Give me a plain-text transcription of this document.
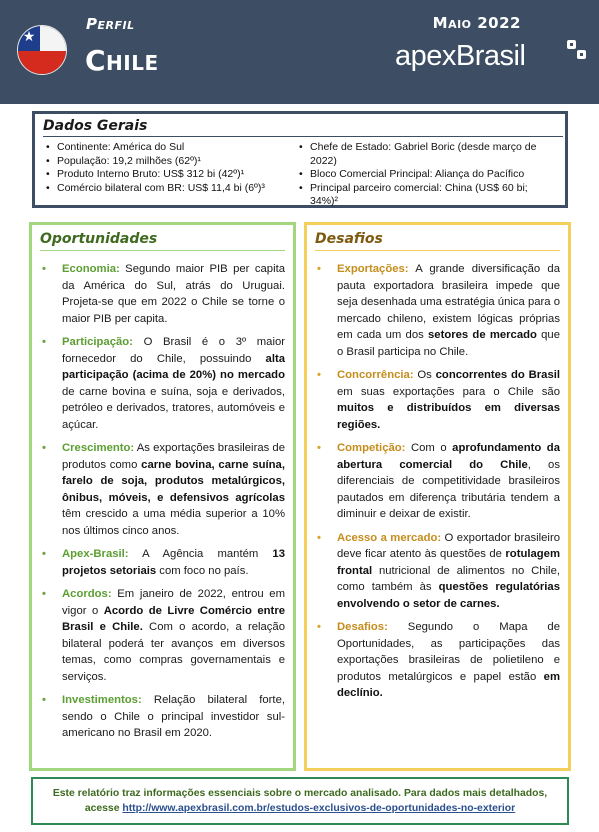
★
Perfil
Chile
Maio 2022
apexBrasil
Dados Gerais
• Continente: América do Sul
• População: 19,2 milhões (62º)¹
• Produto Interno Bruto: US$ 312 bi (42º)¹
• Comércio bilateral com BR: US$ 11,4 bi (6º)³
• Chefe de Estado: Gabriel Boric (desde março de 2022)
• Bloco Comercial Principal: Aliança do Pacífico
• Principal parceiro comercial: China (US$ 60 bi; 34%)²
Oportunidades
• Economia: Segundo maior PIB per capita da América do Sul, atrás do Uruguai. Projeta-se que em 2022 o Chile se torne o maior PIB per capita.
• Participação: O Brasil é o 3º maior fornecedor do Chile, possuindo alta participação (acima de 20%) no mercado de carne bovina e suína, soja e derivados, petróleo e derivados, tratores, automóveis e açúcar.
• Crescimento: As exportações brasileiras de produtos como carne bovina, carne suína, farelo de soja, produtos metalúrgicos, ônibus, móveis, e defensivos agrícolas têm crescido a uma média superior a 10% nos últimos cinco anos.
• Apex-Brasil: A Agência mantém 13 projetos setoriais com foco no país.
• Acordos: Em janeiro de 2022, entrou em vigor o Acordo de Livre Comércio entre Brasil e Chile. Com o acordo, a relação bilateral poderá ter avanços em diversos temas, como compras governamentais e serviços.
• Investimentos: Relação bilateral forte, sendo o Chile o principal investidor sul-americano no Brasil em 2020.
Desafios
• Exportações: A grande diversificação da pauta exportadora brasileira impede que seja desenhada uma estratégia única para o mercado chileno, existem lógicas próprias em cada um dos setores de mercado que o Brasil participa no Chile.
• Concorrência: Os concorrentes do Brasil em suas exportações para o Chile são muitos e distribuídos em diversas regiões.
• Competição: Com o aprofundamento da abertura comercial do Chile, os diferenciais de competitividade brasileiros pautados em diferença tributária tendem a diminuir e deixar de existir.
• Acesso a mercado: O exportador brasileiro deve ficar atento às questões de rotulagem frontal nutricional de alimentos no Chile, como também às questões regulatórias envolvendo o setor de carnes.
• Desafios: Segundo o Mapa de Oportunidades, as participações das exportações brasileiras de polietileno e produtos metalúrgicos e papel estão em declínio.

Este relatório traz informações essenciais sobre o mercado analisado. Para dados mais detalhados,
acesse http://www.apexbrasil.com.br/estudos-exclusivos-de-oportunidades-no-exterior
